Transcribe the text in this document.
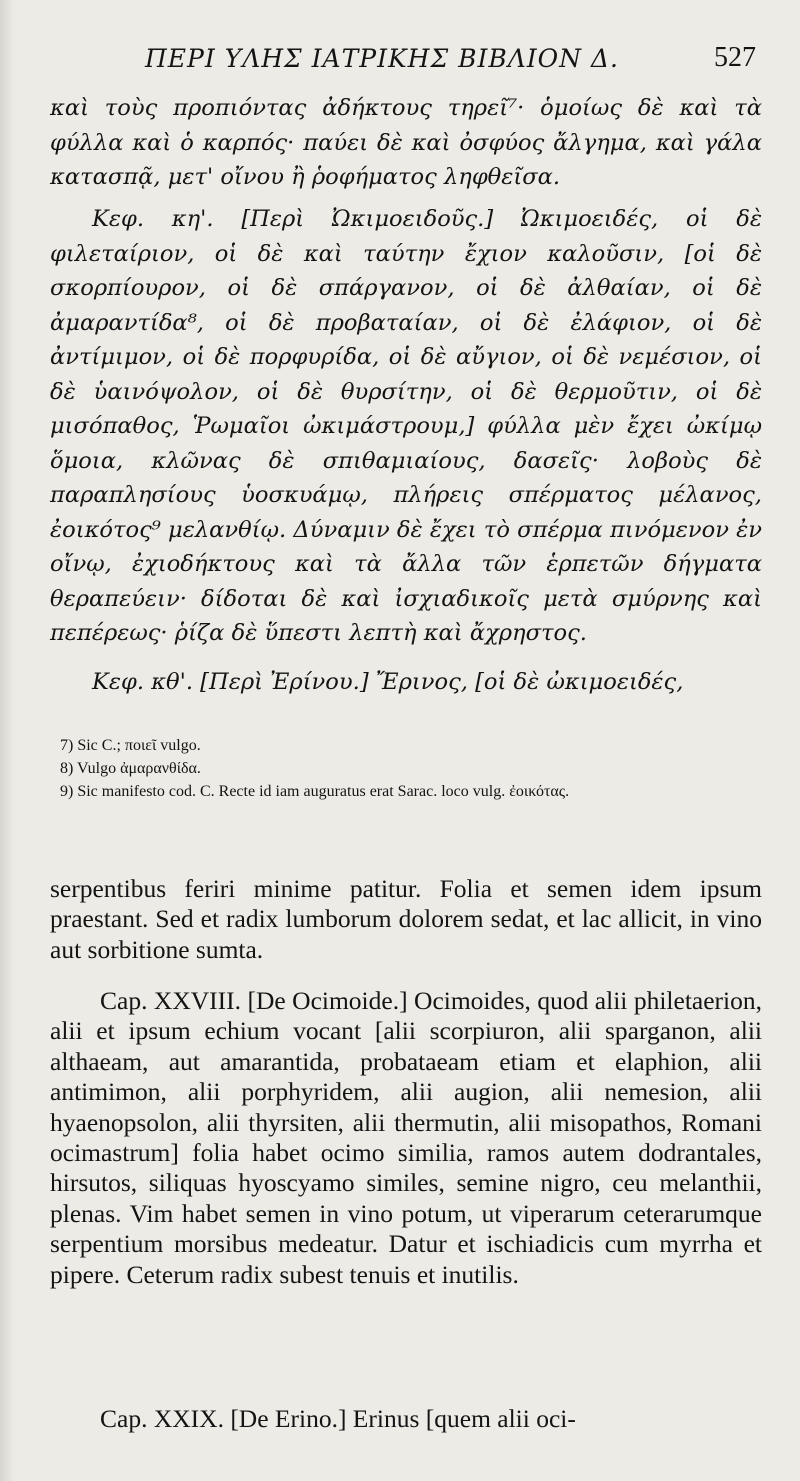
ΠΕΡΙ ΥΛΗΣ ΙΑΤΡΙΚΗΣ ΒΙΒΛΙΟΝ Δ.	527

καὶ τοὺς προπιόντας ἀδήκτους τηρεῖ⁷· ὁμοίως δὲ καὶ τὰ φύλλα καὶ ὁ καρπός· παύει δὲ καὶ ὀσφύος ἄλγημα, καὶ γάλα κατασπᾷ, μετ' οἴνου ἢ ῥοφήματος ληφθεῖσα.

Κεφ. κη'. [Περὶ Ὠκιμοειδοῦς.] Ὠκιμοειδές, οἱ δὲ φιλεταίριον, οἱ δὲ καὶ ταύτην ἔχιον καλοῦσιν, [οἱ δὲ σκορπίουρον, οἱ δὲ σπάργανον, οἱ δὲ ἀλθαίαν, οἱ δὲ ἀμαραντίδα⁸, οἱ δὲ προβαταίαν, οἱ δὲ ἐλάφιον, οἱ δὲ ἀντίμιμον, οἱ δὲ πορφυρίδα, οἱ δὲ αὔγιον, οἱ δὲ νεμέσιον, οἱ δὲ ὑαινόψολον, οἱ δὲ θυρσίτην, οἱ δὲ θερμοῦτιν, οἱ δὲ μισόπαθος, Ῥωμαῖοι ὠκιμάστρουμ,] φύλλα μὲν ἔχει ὠκίμῳ ὅμοια, κλῶνας δὲ σπιθαμιαίους, δασεῖς· λοβοὺς δὲ παραπλησίους ὑοσκυάμῳ, πλήρεις σπέρματος μέλανος, ἐοικότος⁹ μελανθίῳ. Δύναμιν δὲ ἔχει τὸ σπέρμα πινόμενον ἐν οἴνῳ, ἐχιοδήκτους καὶ τὰ ἄλλα τῶν ἑρπετῶν δήγματα θεραπεύειν· δίδοται δὲ καὶ ἰσχιαδικοῖς μετὰ σμύρνης καὶ πεπέρεως· ῥίζα δὲ ὕπεστι λεπτὴ καὶ ἄχρηστος.

Κεφ. κθ'. [Περὶ Ἐρίνου.] Ἔρινος, [οἱ δὲ ὠκιμοειδές,

7) Sic C.; ποιεῖ vulgo.

8) Vulgo ἀμαρανθίδα.

9) Sic manifesto cod. C. Recte id iam auguratus erat Sarac. loco vulg. ἐοικότας.

serpentibus feriri minime patitur. Folia et semen idem ipsum praestant. Sed et radix lumborum dolorem sedat, et lac allicit, in vino aut sorbitione sumta.

Cap. XXVIII. [De Ocimoide.] Ocimoides, quod alii philetaerion, alii et ipsum echium vocant [alii scorpiuron, alii sparganon, alii althaeam, aut amarantida, probataeam etiam et elaphion, alii antimimon, alii porphyridem, alii augion, alii nemesion, alii hyaenopsolon, alii thyrsiten, alii thermutin, alii misopathos, Romani ocimastrum] folia habet ocimo similia, ramos autem dodrantales, hirsutos, siliquas hyoscyamo similes, semine nigro, ceu melanthii, plenas. Vim habet semen in vino potum, ut viperarum ceterarumque serpentium morsibus medeatur. Datur et ischiadicis cum myrrha et pipere. Ceterum radix subest tenuis et inutilis.

Cap. XXIX. [De Erino.] Erinus [quem alii oci-
